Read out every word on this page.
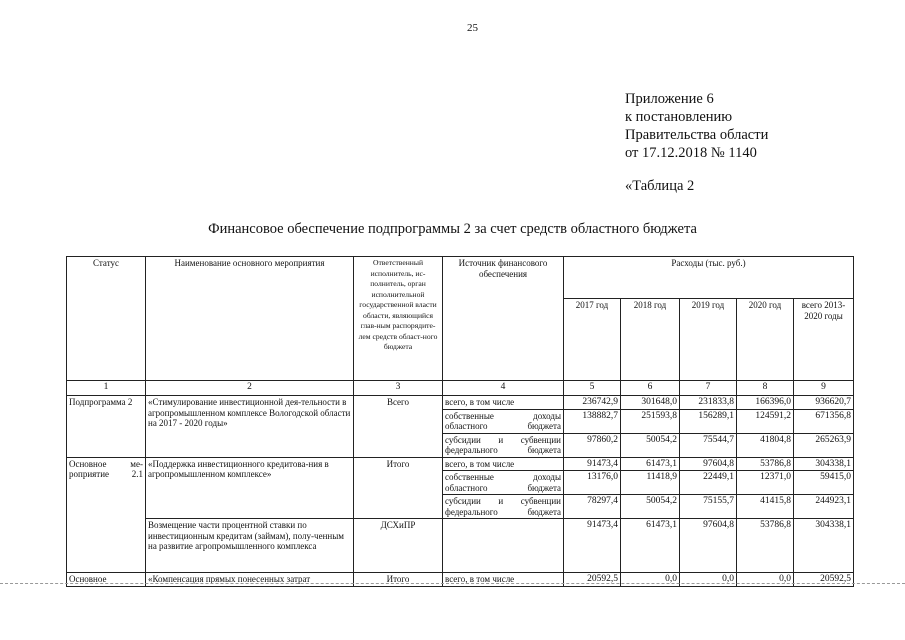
25
Приложение 6
к постановлению
Правительства области
от 17.12.2018 № 1140
«Таблица 2
Финансовое обеспечение подпрограммы 2 за счет средств областного бюджета
Статус	Наименование основного мероприятия	Ответственный исполнитель, ис-полнитель, орган исполнительной государственной власти области, являющийся глав-ным распорядите-лем средств област-ного бюджета	Источник финансового обеспечения	Расходы (тыс. руб.)				
				2017 год	2018 год	2019 год	2020 год	всего 2013-2020 годы
1	2	3	4	5	6	7	8	9
Подпрограмма 2	«Стимулирование инвестиционной дея-тельности в агропромышленном комплексе Вологодской области на 2017 - 2020 годы»	Всего	всего, в том числе	236742,9	301648,0	231833,8	166396,0	936620,7
			собственные доходы областного бюджета	138882,7	251593,8	156289,1	124591,2	671356,8
			субсидии и субвенции федерального бюджета	97860,2	50054,2	75544,7	41804,8	265263,9
Основное ме-роприятие 2.1	«Поддержка инвестиционного кредитова-ния в агропромышленном комплексе»	Итого	всего, в том числе	91473,4	61473,1	97604,8	53786,8	304338,1
			собственные доходы областного бюджета	13176,0	11418,9	22449,1	12371,0	59415,0
			субсидии и субвенции федерального бюджета	78297,4	50054,2	75155,7	41415,8	244923,1
	Возмещение части процентной ставки по инвестиционным кредитам (займам), полу-ченным на развитие агропромышленного комплекса	ДСХиПР		91473,4	61473,1	97604,8	53786,8	304338,1
Основное	«Компенсация прямых понесенных затрат	Итого	всего, в том числе	20592,5	0,0	0,0	0,0	20592,5
